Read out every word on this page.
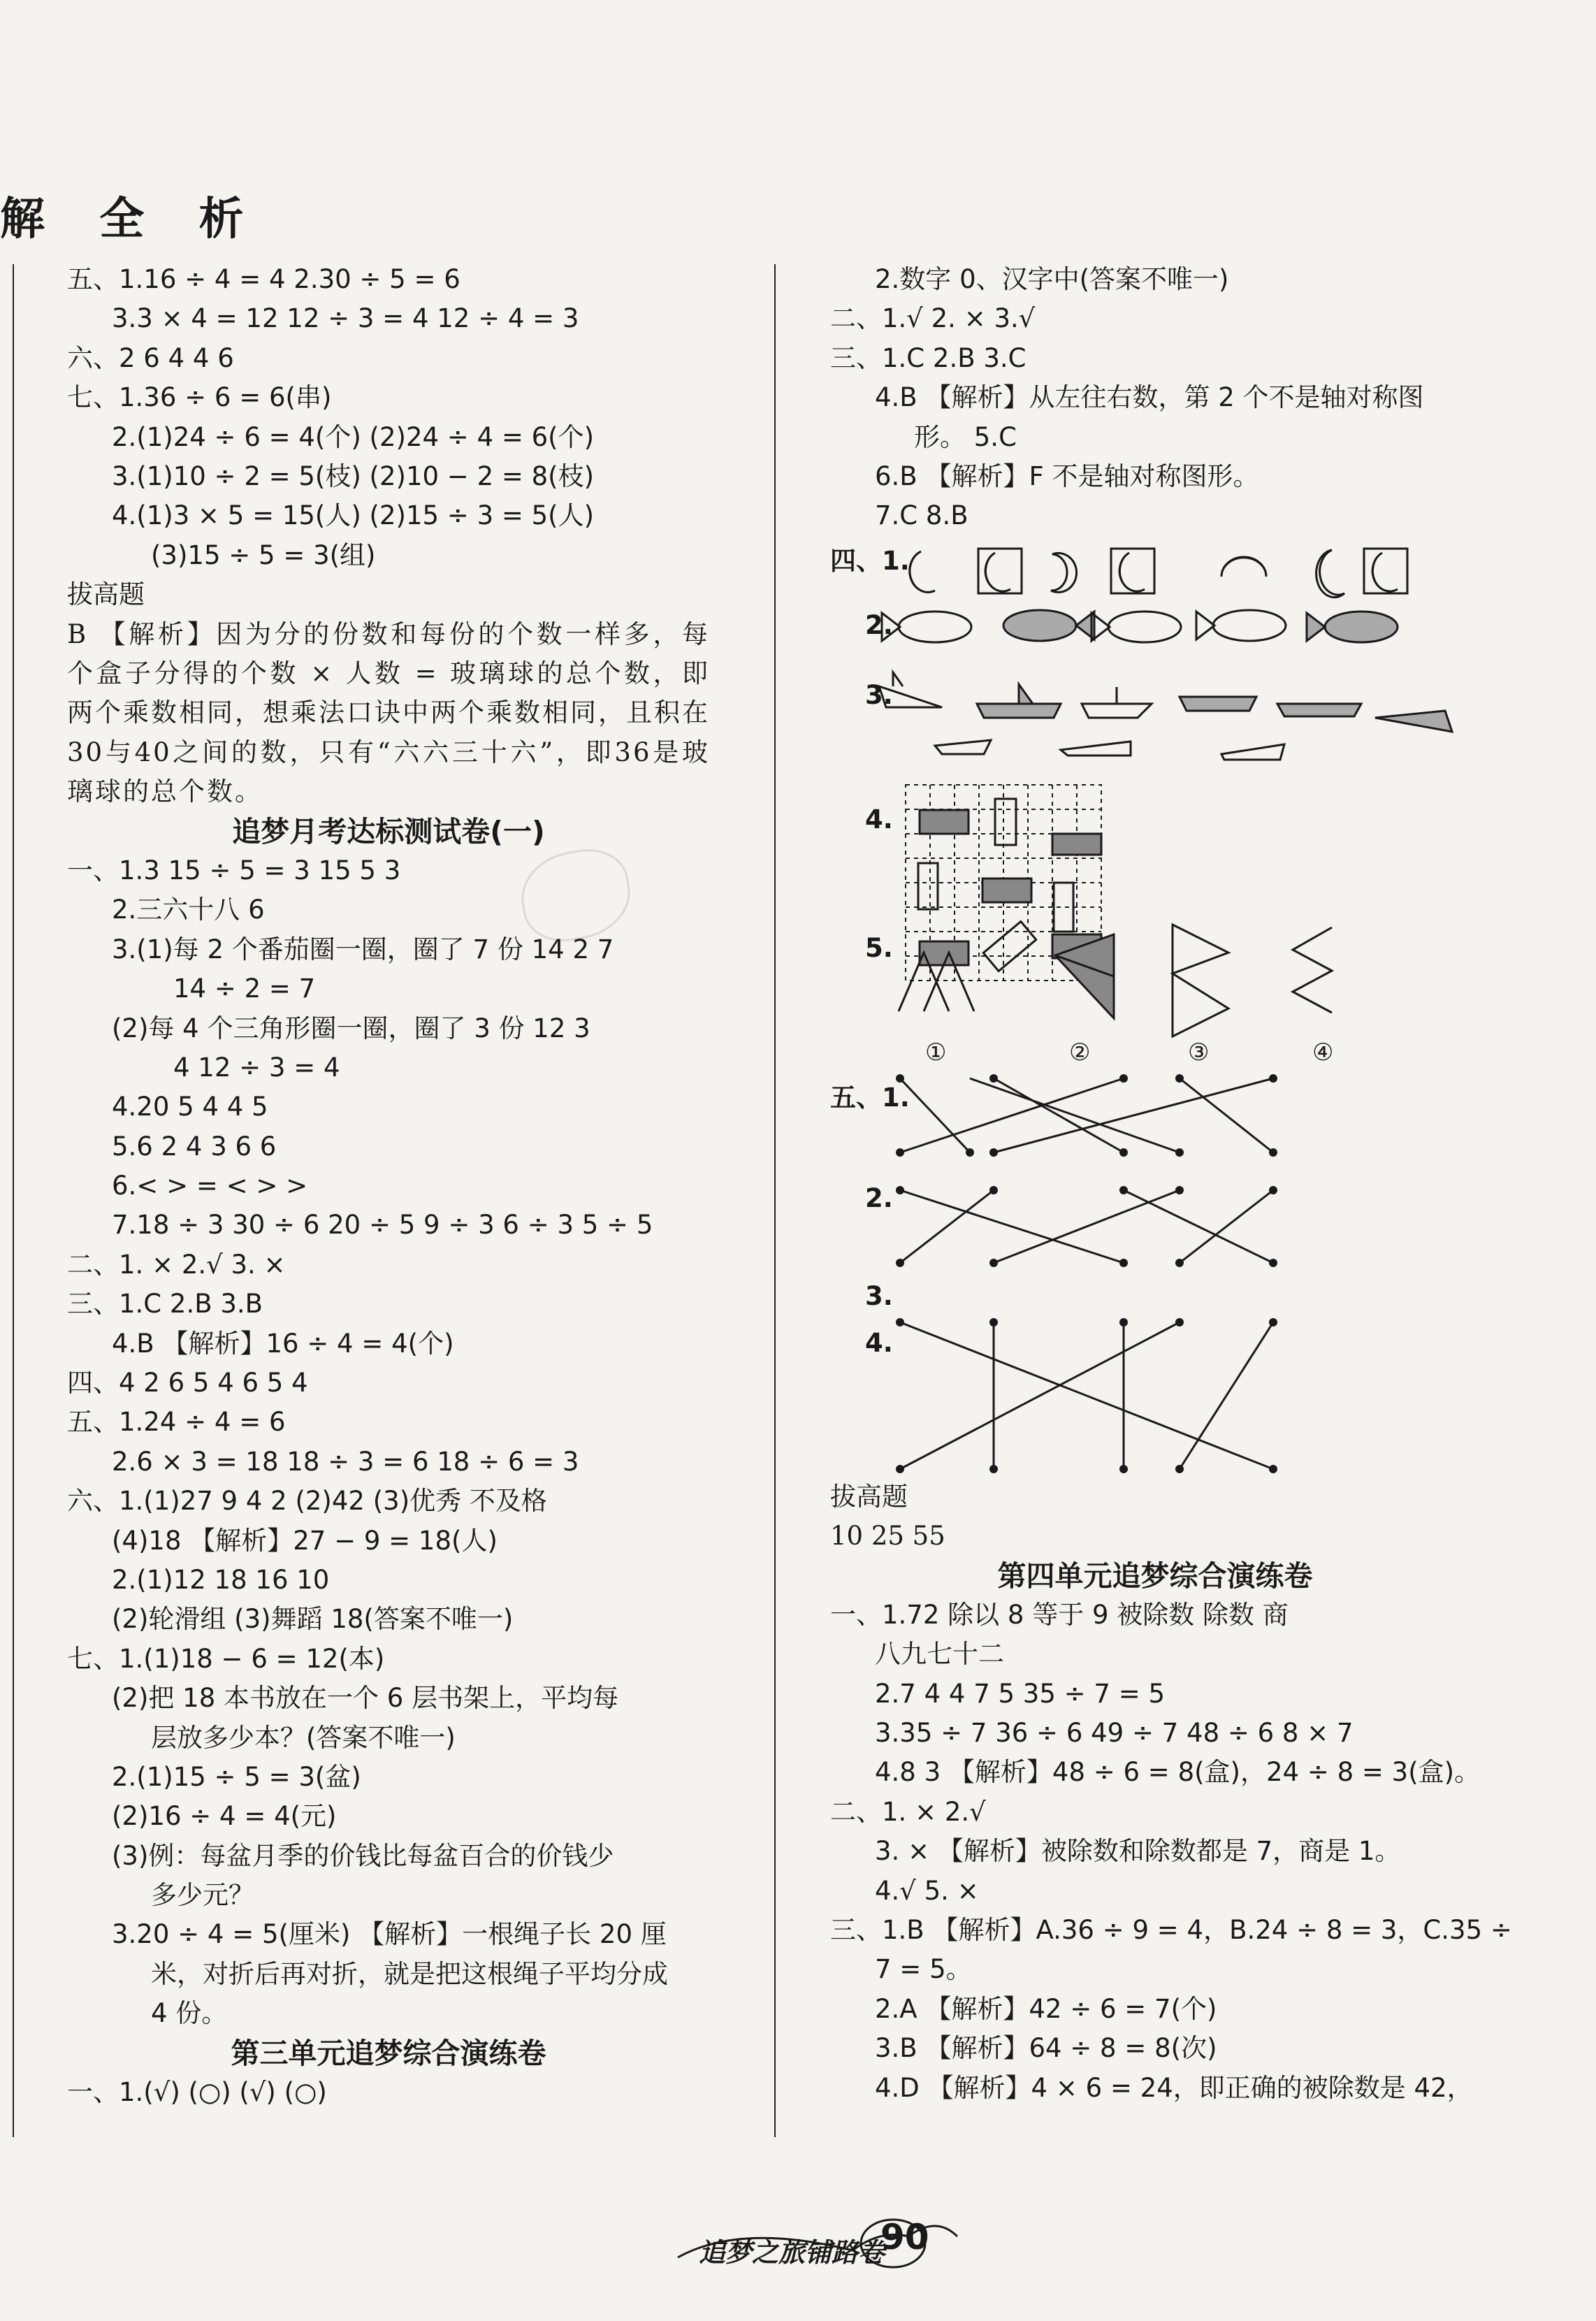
解 全 析
五、1.16 ÷ 4 = 4 2.30 ÷ 5 = 6
3.3 × 4 = 12 12 ÷ 3 = 4 12 ÷ 4 = 3
六、2 6 4 4 6
七、1.36 ÷ 6 = 6(串)
2.(1)24 ÷ 6 = 4(个) (2)24 ÷ 4 = 6(个)
3.(1)10 ÷ 2 = 5(枝) (2)10 − 2 = 8(枝)
4.(1)3 × 5 = 15(人) (2)15 ÷ 3 = 5(人)
(3)15 ÷ 5 = 3(组)
拔高题
B 【解析】因为分的份数和每份的个数一样多，每个盒子分得的个数 × 人数 = 玻璃球的总个数，即两个乘数相同，想乘法口诀中两个乘数相同，且积在30与40之间的数，只有“六六三十六”，即36是玻璃球的总个数。
追梦月考达标测试卷(一)
一、1.3 15 ÷ 5 = 3 15 5 3
2.三六十八 6
3.(1)每 2 个番茄圈一圈，圈了 7 份 14 2 7
14 ÷ 2 = 7
(2)每 4 个三角形圈一圈，圈了 3 份 12 3
4 12 ÷ 3 = 4
4.20 5 4 4 5
5.6 2 4 3 6 6
6.< > = < > >
7.18 ÷ 3 30 ÷ 6 20 ÷ 5 9 ÷ 3 6 ÷ 3 5 ÷ 5
二、1. × 2.√ 3. ×
三、1.C 2.B 3.B
4.B 【解析】16 ÷ 4 = 4(个)
四、4 2 6 5 4 6 5 4
五、1.24 ÷ 4 = 6
2.6 × 3 = 18 18 ÷ 3 = 6 18 ÷ 6 = 3
六、1.(1)27 9 4 2 (2)42 (3)优秀 不及格
(4)18 【解析】27 − 9 = 18(人)
2.(1)12 18 16 10
(2)轮滑组 (3)舞蹈 18(答案不唯一)
七、1.(1)18 − 6 = 12(本)
(2)把 18 本书放在一个 6 层书架上，平均每
层放多少本？(答案不唯一)
2.(1)15 ÷ 5 = 3(盆)
(2)16 ÷ 4 = 4(元)
(3)例：每盆月季的价钱比每盆百合的价钱少
多少元？
3.20 ÷ 4 = 5(厘米) 【解析】一根绳子长 20 厘
米，对折后再对折，就是把这根绳子平均分成
4 份。
第三单元追梦综合演练卷
一、1.(√) (○) (√) (○)
2.数字 0、汉字中(答案不唯一)
二、1.√ 2. × 3.√
三、1.C 2.B 3.C
4.B 【解析】从左往右数，第 2 个不是轴对称图
形。 5.C
6.B 【解析】F 不是轴对称图形。
7.C 8.B
四、1.
2.
3.
4.
5.
①	②	③	④
五、1.
2.
3.
4.
拔高题
10 25 55
第四单元追梦综合演练卷
一、1.72 除以 8 等于 9 被除数 除数 商
八九七十二
2.7 4 4 7 5 35 ÷ 7 = 5
3.35 ÷ 7 36 ÷ 6 49 ÷ 7 48 ÷ 6 8 × 7
4.8 3 【解析】48 ÷ 6 = 8(盒)，24 ÷ 8 = 3(盒)。
二、1. × 2.√
3. × 【解析】被除数和除数都是 7，商是 1。
4.√ 5. ×
三、1.B 【解析】A.36 ÷ 9 = 4，B.24 ÷ 8 = 3，C.35 ÷
7 = 5。
2.A 【解析】42 ÷ 6 = 7(个)
3.B 【解析】64 ÷ 8 = 8(次)
4.D 【解析】4 × 6 = 24，即正确的被除数是 42，
追梦之旅铺路卷
90
